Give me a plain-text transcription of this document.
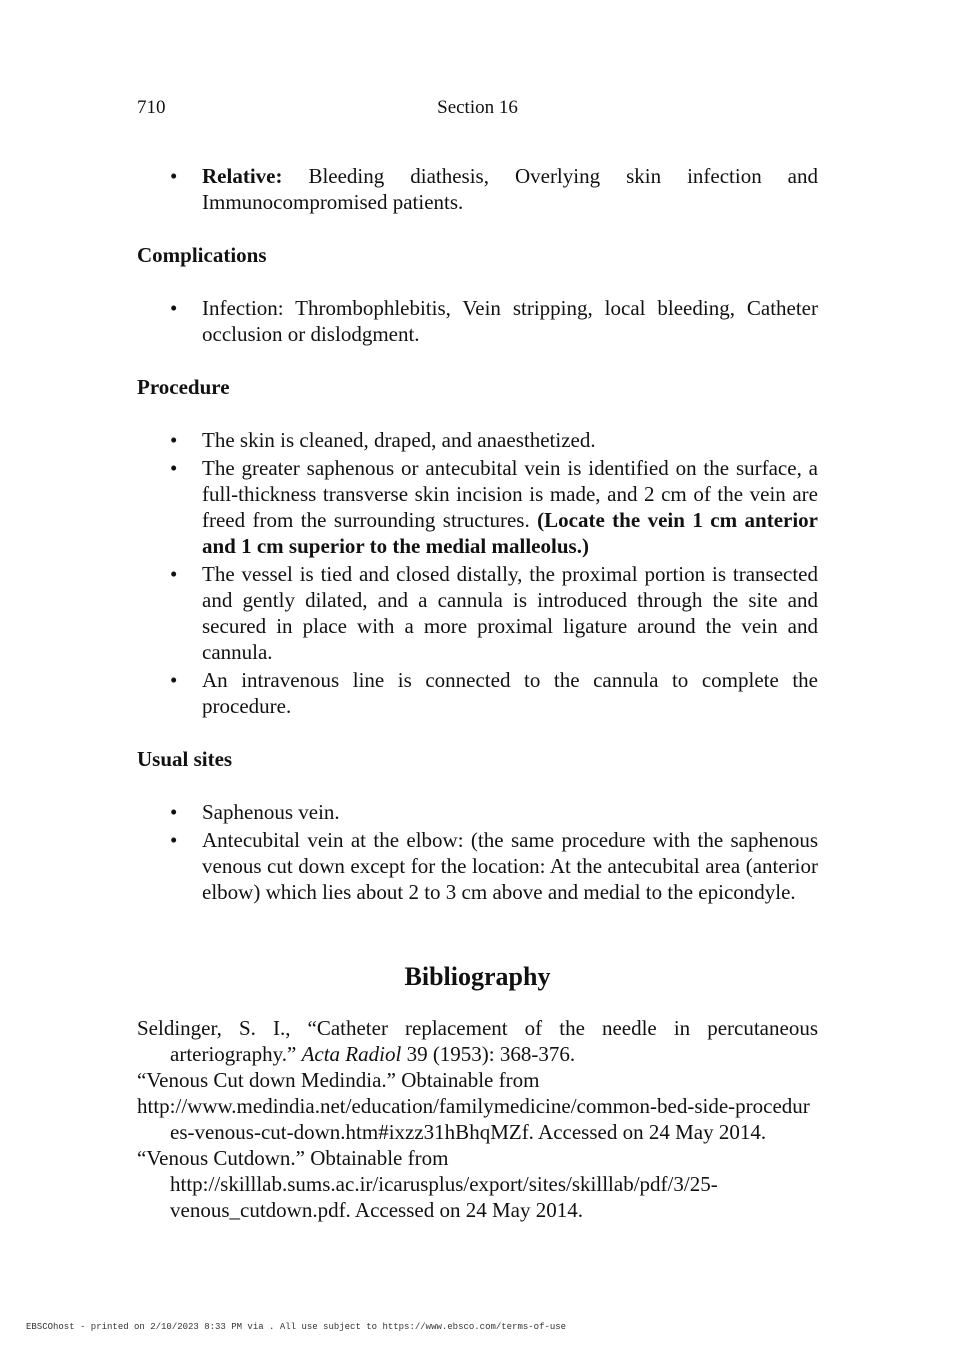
710	Section 16
• Relative: Bleeding diathesis, Overlying skin infection and Immunocompromised patients.
Complications
• Infection: Thrombophlebitis, Vein stripping, local bleeding, Catheter occlusion or dislodgment.
Procedure
• The skin is cleaned, draped, and anaesthetized.
• The greater saphenous or antecubital vein is identified on the surface, a full-thickness transverse skin incision is made, and 2 cm of the vein are freed from the surrounding structures. (Locate the vein 1 cm anterior and 1 cm superior to the medial malleolus.)
• The vessel is tied and closed distally, the proximal portion is transected and gently dilated, and a cannula is introduced through the site and secured in place with a more proximal ligature around the vein and cannula.
• An intravenous line is connected to the cannula to complete the procedure.
Usual sites
• Saphenous vein.
• Antecubital vein at the elbow: (the same procedure with the saphenous venous cut down except for the location: At the antecubital area (anterior elbow) which lies about 2 to 3 cm above and medial to the epicondyle.
Bibliography

Seldinger, S. I., “Catheter replacement of the needle in percutaneous arteriography.” Acta Radiol 39 (1953): 368-376.

“Venous Cut down Medindia.” Obtainable from

http://www.medindia.net/education/familymedicine/common-bed-side-procedures-venous-cut-down.htm#ixzz31hBhqMZf. Accessed on 24 May 2014.

“Venous Cutdown.” Obtainable from
http://skilllab.sums.ac.ir/icarusplus/export/sites/skilllab/pdf/3/25-
venous_cutdown.pdf. Accessed on 24 May 2014.

EBSCOhost - printed on 2/10/2023 8:33 PM via . All use subject to https://www.ebsco.com/terms-of-use
